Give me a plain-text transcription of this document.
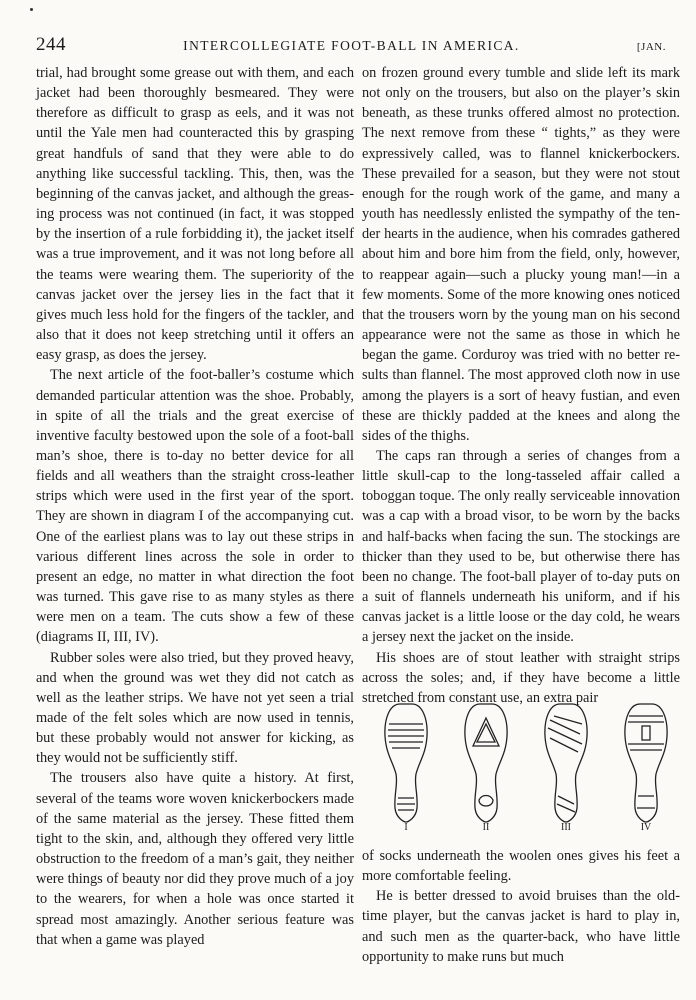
244	INTERCOLLEGIATE FOOT-BALL IN AMERICA.	[JAN.

trial, had brought some grease out with them, and each jacket had been thoroughly besmeared. They were therefore as difficult to grasp as eels, and it was not until the Yale men had counteracted this by grasping great handfuls of sand that they were able to do anything like successful tackling. This, then, was the beginning of the canvas jacket, and although the greasing process was not continued (in fact, it was stopped by the insertion of a rule forbidding it), the jacket itself was a true improvement, and it was not long before all the teams were wearing them. The superiority of the canvas jacket over the jersey lies in the fact that it gives much less hold for the fingers of the tackler, and also that it does not keep stretching until it offers an easy grasp, as does the jersey.

The next article of the foot-baller’s costume which demanded particular attention was the shoe. Probably, in spite of all the trials and the great exercise of inventive faculty bestowed upon the sole of a foot-ball man’s shoe, there is to-day no better device for all fields and all weathers than the straight cross-leather strips which were used in the first year of the sport. They are shown in diagram I of the accompanying cut. One of the earliest plans was to lay out these strips in various different lines across the sole in order to present an edge, no matter in what direction the foot was turned. This gave rise to as many styles as there were men on a team. The cuts show a few of these (diagrams II, III, IV).

Rubber soles were also tried, but they proved heavy, and when the ground was wet they did not catch as well as the leather strips. We have not yet seen a trial made of the felt soles which are now used in tennis, but these probably would not answer for kicking, as they would not be sufficiently stiff.

The trousers also have quite a history. At first, several of the teams wore woven knickerbockers made of the same material as the jersey. These fitted them tight to the skin, and, although they offered very little obstruction to the freedom of a man’s gait, they neither were things of beauty nor did they prove much of a joy to the wearers, for when a hole was once started it spread most amazingly. Another serious feature was that when a game was played

on frozen ground every tumble and slide left its mark not only on the trousers, but also on the player’s skin beneath, as these trunks offered almost no protection. The next remove from these “ tights,” as they were expressively called, was to flannel knickerbockers. These prevailed for a season, but they were not stout enough for the rough work of the game, and many a youth has needlessly enlisted the sympathy of the tender hearts in the audience, when his comrades gathered about him and bore him from the field, only, however, to reappear again—such a plucky young man!—in a few moments. Some of the more knowing ones noticed that the trousers worn by the young man on his second appearance were not the same as those in which he began the game. Corduroy was tried with no better results than flannel. The most approved cloth now in use among the players is a sort of heavy fustian, and even these are thickly padded at the knees and along the sides of the thighs.

The caps ran through a series of changes from a little skull-cap to the long-tasseled affair called a toboggan toque. The only really serviceable innovation was a cap with a broad visor, to be worn by the backs and half-backs when facing the sun. The stockings are thicker than they used to be, but otherwise there has been no change. The foot-ball player of to-day puts on a suit of flannels underneath his uniform, and if his canvas jacket is a little loose or the day cold, he wears a jersey next the jacket on the inside.

His shoes are of stout leather with straight strips across the soles; and, if they have become a little stretched from constant use, an extra pair

I	II	III	IV

of socks underneath the woolen ones gives his feet a more comfortable feeling.

He is better dressed to avoid bruises than the old-time player, but the canvas jacket is hard to play in, and such men as the quarter-back, who have little opportunity to make runs but much
